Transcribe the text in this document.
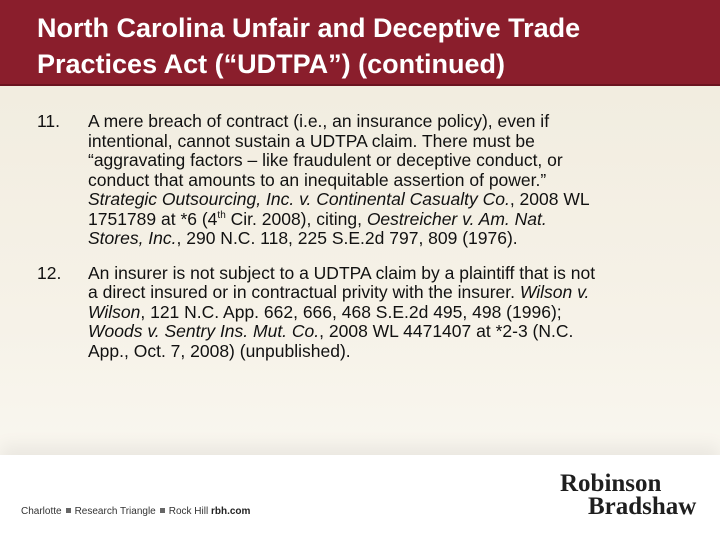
North Carolina Unfair and Deceptive Trade
Practices Act (“UDTPA”) (continued)
11. A mere breach of contract (i.e., an insurance policy), even if
intentional, cannot sustain a UDTPA claim. There must be
“aggravating factors – like fraudulent or deceptive conduct, or
conduct that amounts to an inequitable assertion of power.”
Strategic Outsourcing, Inc. v. Continental Casualty Co., 2008 WL
1751789 at *6 (4th Cir. 2008), citing, Oestreicher v. Am. Nat.
Stores, Inc., 290 N.C. 118, 225 S.E.2d 797, 809 (1976).
12. An insurer is not subject to a UDTPA claim by a plaintiff that is not
a direct insured or in contractual privity with the insurer. Wilson v.
Wilson, 121 N.C. App. 662, 666, 468 S.E.2d 495, 498 (1996);
Woods v. Sentry Ins. Mut. Co., 2008 WL 4471407 at *2-3 (N.C.
App., Oct. 7, 2008) (unpublished).
Charlotte Research Triangle Rock Hill rbh.com
Robinson
Bradshaw
